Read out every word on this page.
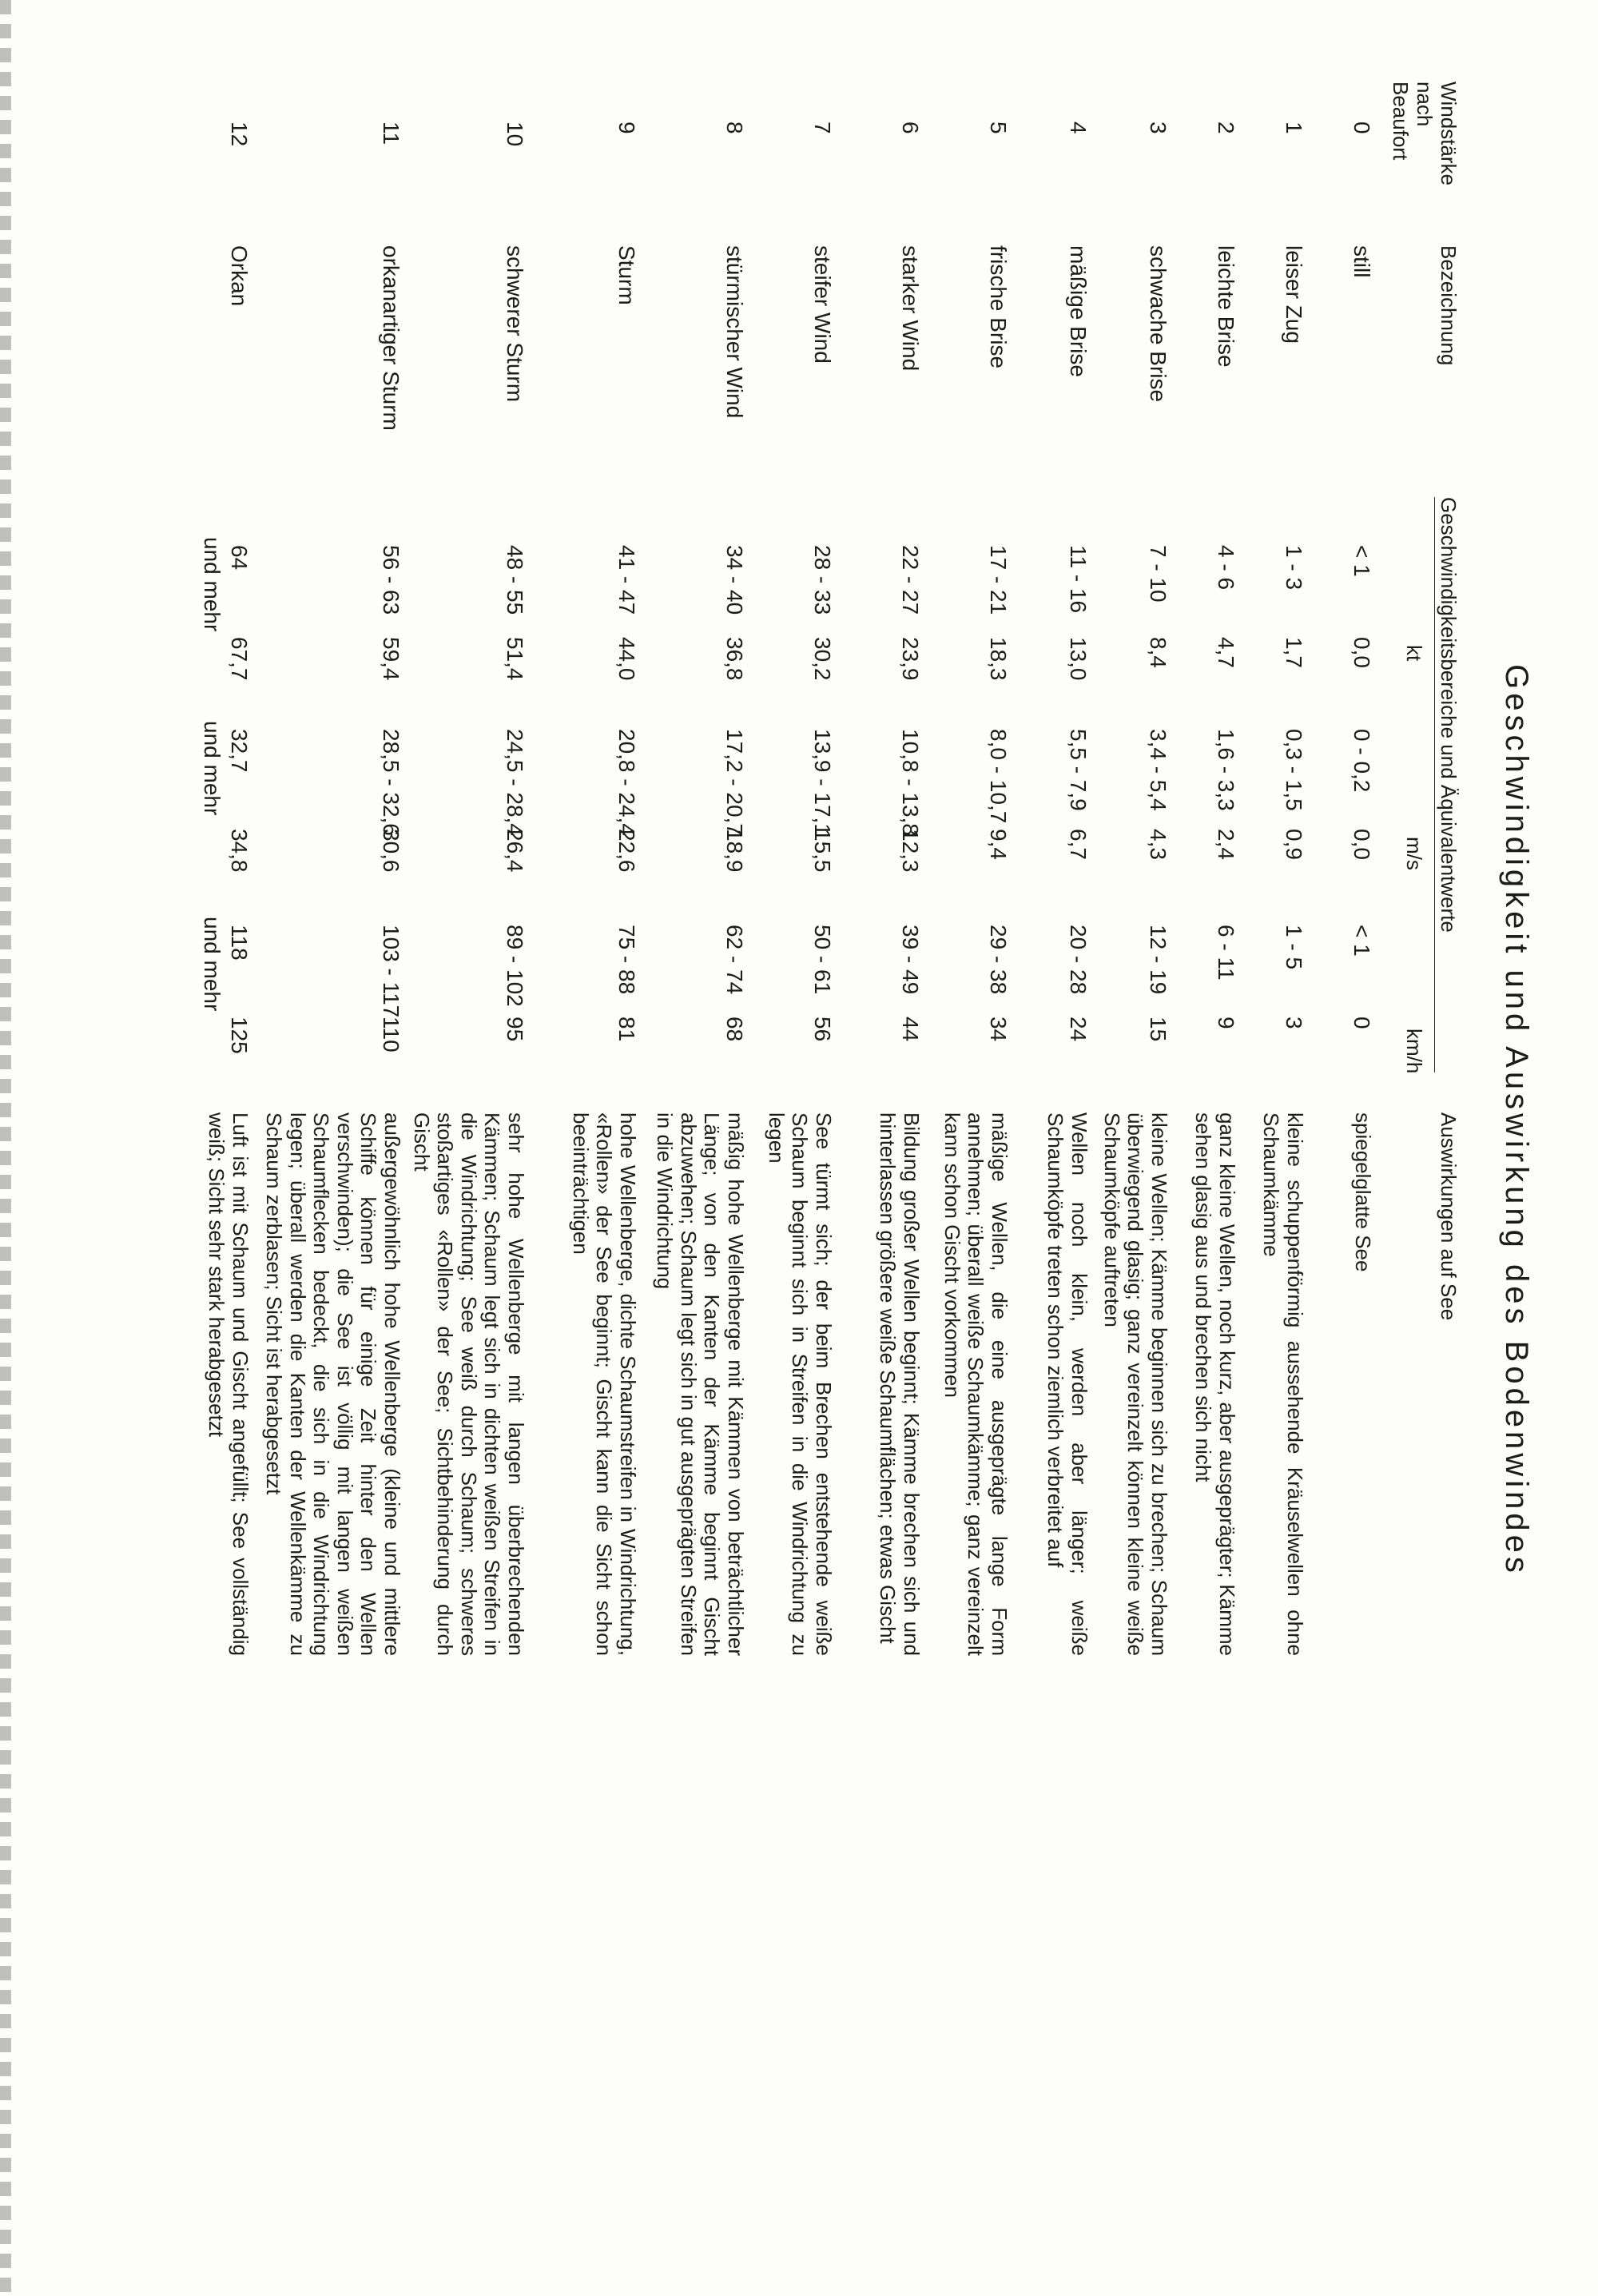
Geschwindigkeit und Auswirkung des Bodenwindes
Windstärke nach Beaufort
Bezeichnung
Geschwindigkeitsbereiche und Äquivalentwerte
kt
m/s
km/h
Auswirkungen auf See
0
still
< 1
0,0
0 - 0,2
0,0
< 1
0
spiegelglatte See
1
leiser Zug
1 - 3
1,7
0,3 - 1,5
0,9
1 - 5
3
kleine schuppenförmig aussehende Kräuselwellen ohne Schaumkämme
2
leichte Brise
4 - 6
4,7
1,6 - 3,3
2,4
6 - 11
9
ganz kleine Wellen, noch kurz, aber ausgeprägter; Kämme sehen glasig aus und brechen sich nicht
3
schwache Brise
7 - 10
8,4
3,4 - 5,4
4,3
12 - 19
15
kleine Wellen; Kämme beginnen sich zu brechen; Schaum überwiegend glasig; ganz vereinzelt können kleine weiße Schaumköpfe auftreten
4
mäßige Brise
11 - 16
13,0
5,5 - 7,9
6,7
20 - 28
24
Wellen noch klein, werden aber länger; weiße Schaumköpfe treten schon ziemlich verbreitet auf
5
frische Brise
17 - 21
18,3
8,0 - 10,7
9,4
29 - 38
34
mäßige Wellen, die eine ausgeprägte lange Form annehmen; überall weiße Schaumkämme; ganz vereinzelt kann schon Gischt vorkommen
6
starker Wind
22 - 27
23,9
10,8 - 13,8
12,3
39 - 49
44
Bildung großer Wellen beginnt; Kämme brechen sich und hinterlassen größere weiße Schaumflächen; etwas Gischt
7
steifer Wind
28 - 33
30,2
13,9 - 17,1
15,5
50 - 61
56
See türmt sich; der beim Brechen entstehende weiße Schaum beginnt sich in Streifen in die Windrichtung zu legen
8
stürmischer Wind
34 - 40
36,8
17,2 - 20,7
18,9
62 - 74
68
mäßig hohe Wellenberge mit Kämmen von beträchtlicher Länge; von den Kanten der Kämme beginnt Gischt abzuwehen; Schaum legt sich in gut ausgeprägten Streifen in die Windrichtung
9
Sturm
41 - 47
44,0
20,8 - 24,4
22,6
75 - 88
81
hohe Wellenberge, dichte Schaumstreifen in Windrichtung, «Rollen» der See beginnt; Gischt kann die Sicht schon beeinträchtigen
10
schwerer Sturm
48 - 55
51,4
24,5 - 28,4
26,4
89 - 102
95
sehr hohe Wellenberge mit langen überbrechenden Kämmen; Schaum legt sich in dichten weißen Streifen in die Windrichtung; See weiß durch Schaum; schweres stoßartiges «Rollen» der See; Sichtbehinderung durch Gischt
11
orkanartiger Sturm
56 - 63
59,4
28,5 - 32,6
30,6
103 - 117
110
außergewöhnlich hohe Wellenberge (kleine und mittlere Schiffe können für einige Zeit hinter den Wellen verschwinden); die See ist völlig mit langen weißen Schaumflecken bedeckt, die sich in die Windrichtung legen; überall werden die Kanten der Wellenkämme zu Schaum zerblasen; Sicht ist herabgesetzt
12
Orkan
64
und mehr
67,7
32,7
und mehr
34,8
118
und mehr
125
Luft ist mit Schaum und Gischt angefüllt; See vollständig weiß; Sicht sehr stark herabgesetzt
